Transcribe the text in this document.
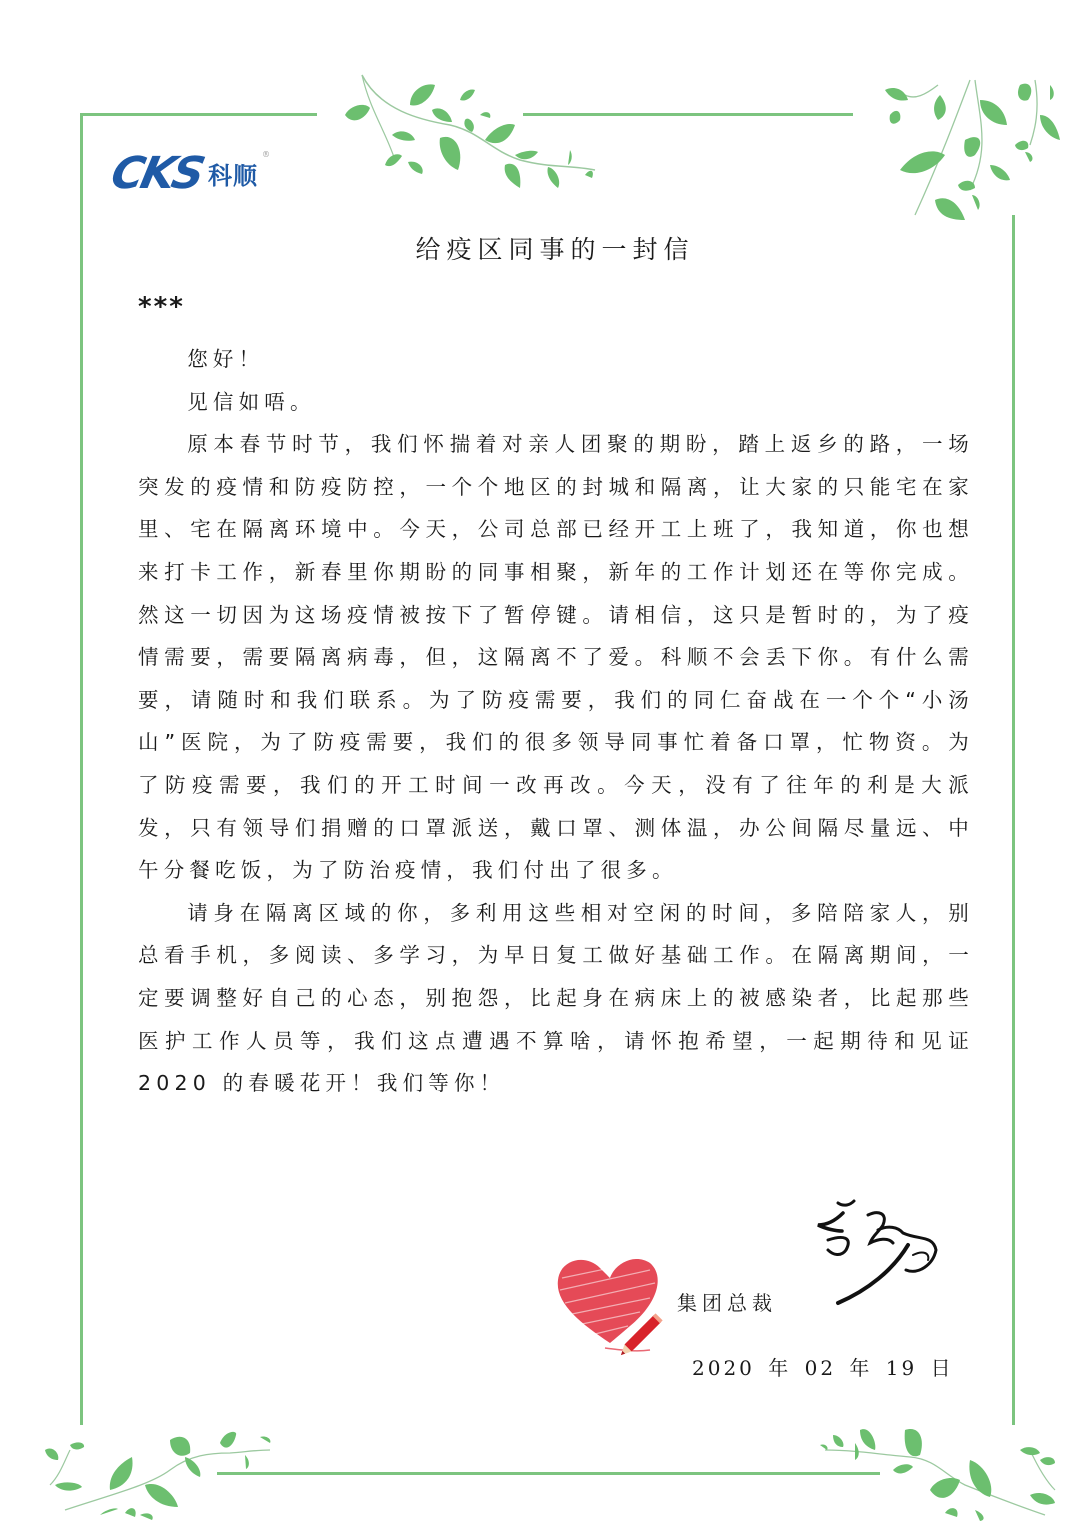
CKS 科顺
®
给疫区同事的一封信
***

您好！

见信如唔。

原本春节时节，我们怀揣着对亲人团聚的期盼，踏上返乡的路，一场突发的疫情和防疫防控，一个个地区的封城和隔离，让大家的只能宅在家里、宅在隔离环境中。今天，公司总部已经开工上班了，我知道，你也想来打卡工作，新春里你期盼的同事相聚，新年的工作计划还在等你完成。然这一切因为这场疫情被按下了暂停键。请相信，这只是暂时的，为了疫情需要，需要隔离病毒，但，这隔离不了爱。科顺不会丢下你。有什么需要，请随时和我们联系。为了防疫需要，我们的同仁奋战在一个个“小汤山”医院，为了防疫需要，我们的很多领导同事忙着备口罩，忙物资。为了防疫需要，我们的开工时间一改再改。今天，没有了往年的利是大派发，只有领导们捐赠的口罩派送，戴口罩、测体温，办公间隔尽量远、中午分餐吃饭，为了防治疫情，我们付出了很多。

请身在隔离区域的你，多利用这些相对空闲的时间，多陪陪家人，别总看手机，多阅读、多学习，为早日复工做好基础工作。在隔离期间，一定要调整好自己的心态，别抱怨，比起身在病床上的被感染者，比起那些医护工作人员等，我们这点遭遇不算啥，请怀抱希望，一起期待和见证 2020 的春暖花开！我们等你！

集团总裁
2020 年 02 年 19 日
